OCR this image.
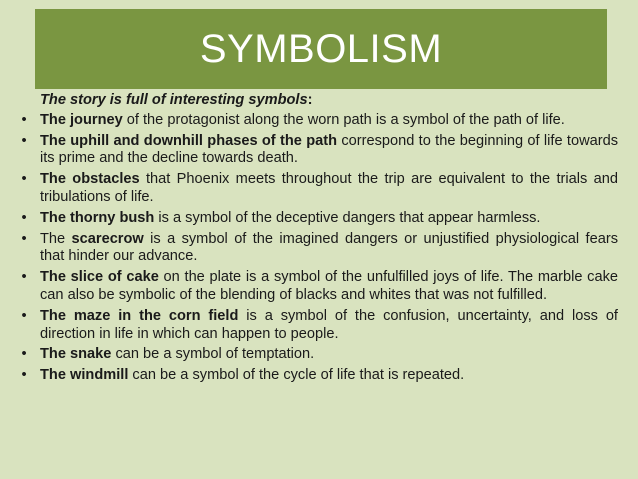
SYMBOLISM

The story is full of interesting symbols:

• The journey of the protagonist along the worn path is a symbol of the path of life.
• The uphill and downhill phases of the path correspond to the beginning of life towards its prime and the decline towards death.
• The obstacles that Phoenix meets throughout the trip are equivalent to the trials and tribulations of life.
• The thorny bush is a symbol of the deceptive dangers that appear harmless.
• The scarecrow is a symbol of the imagined dangers or unjustified physiological fears that hinder our advance.
• The slice of cake on the plate is a symbol of the unfulfilled joys of life. The marble cake can also be symbolic of the blending of blacks and whites that was not fulfilled.
• The maze in the corn field is a symbol of the confusion, uncertainty, and loss of direction in life in which can happen to people.
• The snake can be a symbol of temptation.
• The windmill can be a symbol of the cycle of life that is repeated.
